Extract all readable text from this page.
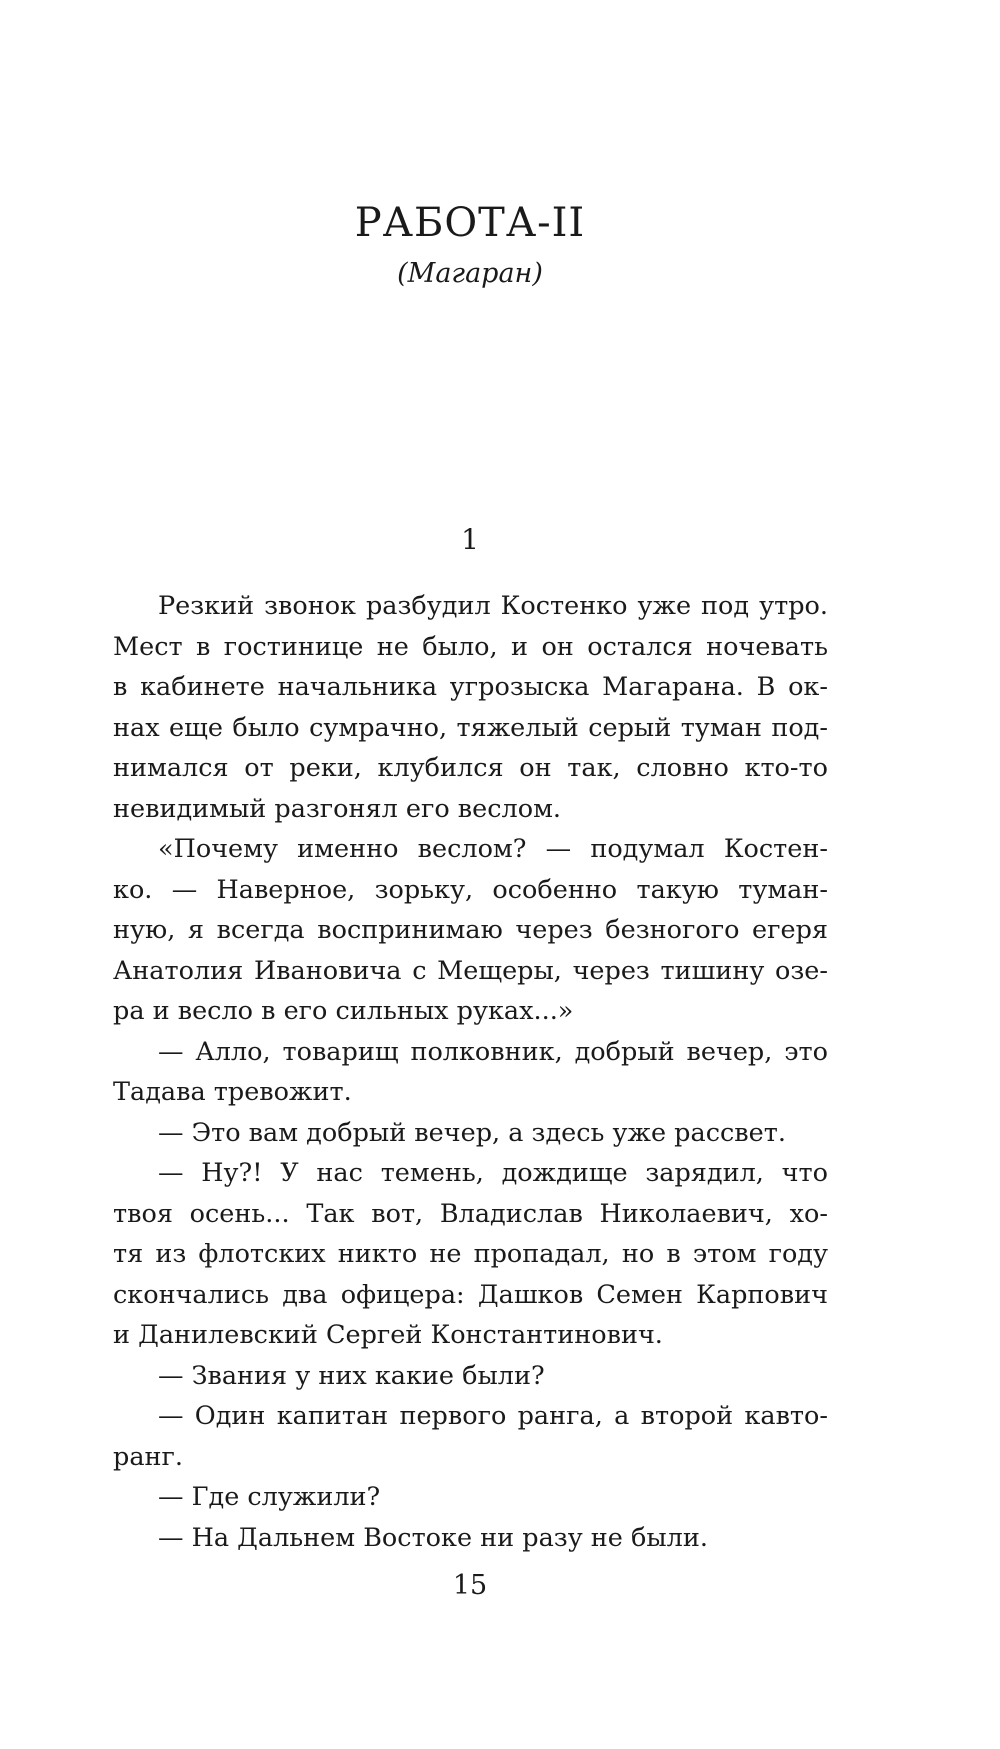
РАБОТА-II

(Магаран)

1

Резкий звонок разбудил Костенко уже под утро.
Мест в гостинице не было, и он остался ночевать
в кабинете начальника угрозыска Магарана. В ок-
нах еще было сумрачно, тяжелый серый туман под-
нимался от реки, клубился он так, словно кто-то
невидимый разгонял его веслом.
«Почему именно веслом? — подумал Костен-
ко. — Наверное, зорьку, особенно такую туман-
ную, я всегда воспринимаю через безногого егеря
Анатолия Ивановича с Мещеры, через тишину озе-
ра и весло в его сильных руках...»
— Алло, товарищ полковник, добрый вечер, это
Тадава тревожит.
— Это вам добрый вечер, а здесь уже рассвет.
— Ну?! У нас темень, дождище зарядил, что
твоя осень... Так вот, Владислав Николаевич, хо-
тя из флотских никто не пропадал, но в этом году
скончались два офицера: Дашков Семен Карпович
и Данилевский Сергей Константинович.
— Звания у них какие были?
— Один капитан первого ранга, а второй кавто-
ранг.
— Где служили?
— На Дальнем Востоке ни разу не были.

15
